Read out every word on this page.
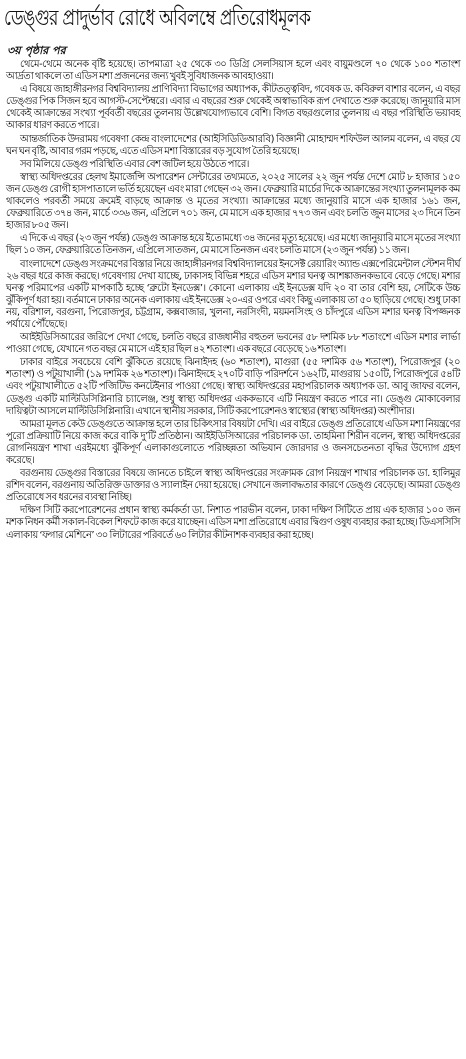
ডেঙ্গুর প্রাদুর্ভাব রোধে অবিলম্বে প্রতিরোধমূলক
৩য় পৃষ্ঠার পর

থেমে-থেমে অনেক বৃষ্টি হয়েছে। তাপমাত্রা ২৫ থেকে ৩০ ডিগ্রি সেলসিয়াস হলে এবং বায়ুমণ্ডলে ৭০ থেকে ১০০ শতাংশ আর্দ্রতা থাকলে তা এডিস মশা প্রজননের জন্য খুবই সুবিধাজনক আবহাওয়া।

এ বিষয়ে জাহাঙ্গীরনগর বিশ্ববিদ্যালয় প্রাণিবিদ্যা বিভাগের অধ্যাপক, কীটতত্ত্ববিদ, গবেষক ড. কবিরুল বাশার বলেন, এ বছর ডেঙ্গুর পিক সিজন হবে আগস্ট-সেপ্টেম্বরে। এবার এ বছরের শুরু থেকেই অস্বাভাবিক রূপ দেখাতে শুরু করেছে। জানুয়ারি মাস থেকেই আক্রান্তের সংখ্যা পূর্ববর্তী বছরের তুলনায় উল্লেখযোগ্যভাবে বেশি। বিগত বছরগুলোর তুলনায় এ বছর পরিস্থিতি ভয়াবহ আকার ধারণ করতে পারে।

আন্তর্জাতিক উদরাময় গবেষণা কেন্দ্র বাংলাদেশের (আইসিডিডিআরবি) বিজ্ঞানী মোহাম্মদ শফিউল আলম বলেন, এ বছর যে ঘন ঘন বৃষ্টি, আবার গরম পড়ছে, এতে এডিস মশা বিস্তারের বড় সুযোগ তৈরি হয়েছে।

সব মিলিয়ে ডেঙ্গু পরিস্থিতি এবার বেশ জটিল হয়ে উঠতে পারে।

স্বাস্থ্য অধিদপ্তরের হেলথ ইমার্জেন্সি অপারেশন সেন্টারের তথ্যমতে, ২০২৫ সালের ২২ জুন পর্যন্ত দেশে মোট ৮ হাজার ১৫০ জন ডেঙ্গু রোগী হাসপাতালে ভর্তি হয়েছেন এবং মারা গেছেন ৩২ জন। ফেব্রুয়ারি মার্চের দিকে আক্রান্তের সংখ্যা তুলনামূলক কম থাকলেও পরবর্তী সময়ে ক্রমেই বাড়ছে আক্রান্ত ও মৃতের সংখ্যা। আক্রান্তের মধ্যে জানুয়ারি মাসে এক হাজার ১৬১ জন, ফেব্রুয়ারিতে ৩৭৪ জন, মার্চে ৩৩৬ জন, এপ্রিলে ৭০১ জন, মে মাসে এক হাজার ৭৭৩ জন এবং চলতি জুন মাসের ২৩ দিনে তিন হাজার ৮০৫ জন।

এ দিকে এ বছর (২৩ জুন পর্যন্ত) ডেঙ্গু আক্রান্ত হয়ে ইতোমধ্যে ৩৪ জনের মৃত্যু হয়েছে। এর মধ্যে জানুয়ারি মাসে মৃতের সংখ্যা ছিল ১০ জন, ফেব্রুয়ারিতে তিনজন, এপ্রিলে সাতজন, মে মাসে তিনজন এবং চলতি মাসে (২৩ জুন পর্যন্ত) ১১ জন।

বাংলাদেশে ডেঙ্গু সংক্রমণের বিস্তার নিয়ে জাহাঙ্গীরনগর বিশ্ববিদ্যালয়ের ইনসেক্ট রেয়ারিং অ্যান্ড এক্সপেরিমেন্টাল স্টেশন দীর্ঘ ২৬ বছর ধরে কাজ করছে। গবেষণায় দেখা যাচ্ছে, ঢাকাসহ বিভিন্ন শহরে এডিস মশার ঘনত্ব আশঙ্কাজনকভাবে বেড়ে গেছে। মশার ঘনত্ব পরিমাপের একটি মাপকাঠি হচ্ছে ‘ব্রুটো ইনডেক্স’। কোনো এলাকায় এই ইনডেক্স যদি ২০ বা তার বেশি হয়, সেটিকে উচ্চ ঝুঁকিপূর্ণ ধরা হয়। বর্তমানে ঢাকার অনেক এলাকায় এই ইনডেক্স ২০-এর ওপরে এবং কিছু এলাকায় তা ৫০ ছাড়িয়ে গেছে। শুধু ঢাকা নয়, বরিশাল, বরগুনা, পিরোজপুর, চট্টগ্রাম, কক্সবাজার, খুলনা, নরসিংদী, ময়মনসিংহ ও চাঁদপুরে এডিস মশার ঘনত্ব বিপজ্জনক পর্যায়ে পৌঁছেছে।

আইইডিসিআরের জরিপে দেখা গেছে, চলতি বছরে রাজধানীর বহুতল ভবনের ৫৮ দশমিক ৮৮ শতাংশে এডিস মশার লার্ভা পাওয়া গেছে, যেখানে গত বছর মে মাসে এই হার ছিল ৪২ শতাংশ। এক বছরে বেড়েছে ১৬ শতাংশ।

ঢাকার বাইরে সবচেয়ে বেশি ঝুঁকিতে রয়েছে ঝিনাইদহ (৬০ শতাংশ), মাগুরা (৫৫ দশমিক ৫৬ শতাংশ), পিরোজপুর (২০ শতাংশ) ও পটুয়াখালী (১৯ দশমিক ২৬ শতাংশ)। ঝিনাইদহে ২৭০টি বাড়ি পরিদর্শনে ১৬২টি, মাগুরায় ১৫০টি, পিরোজপুরে ৫৪টি এবং পটুয়াখালীতে ৫২টি পজিটিভ কনটেইনার পাওয়া গেছে। স্বাস্থ্য অধিদপ্তরের মহাপরিচালক অধ্যাপক ডা. আবু জাফর বলেন, ডেঙ্গু একটি মাল্টিডিসিপ্লিনারি চ্যালেঞ্জ, শুধু স্বাস্থ্য অধিদপ্তর এককভাবে এটি নিয়ন্ত্রণ করতে পারে না। ডেঙ্গু মোকাবেলার দায়িত্বটা আসলে মাল্টিডিসিপ্লিনারি। এখানে স্থানীয় সরকার, সিটি করপোরেশনও স্বাস্থ্যের (স্বাস্থ্য অধিদপ্তর) অংশীদার।

আমরা মূলত কেউ ডেঙ্গুতে আক্রান্ত হলে তার চিকিৎসার বিষয়টা দেখি। এর বাইরে ডেঙ্গু প্রতিরোধে এডিস মশা নিয়ন্ত্রণের পুরো প্রক্রিয়াটি নিয়ে কাজ করে বাকি দু’টি প্রতিষ্ঠান। আইইডিসিআরের পরিচালক ডা. তাহমিনা শিরীন বলেন, স্বাস্থ্য অধিদপ্তরের রোগনিয়ন্ত্রণ শাখা এরইমধ্যে ঝুঁকিপূর্ণ এলাকাগুলোতে পরিচ্ছন্নতা অভিযান জোরদার ও জনসচেতনতা বৃদ্ধির উদ্যোগ গ্রহণ করেছে।

বরগুনায় ডেঙ্গুর বিস্তারের বিষয়ে জানতে চাইলে স্বাস্থ্য অধিদপ্তরের সংক্রামক রোগ নিয়ন্ত্রণ শাখার পরিচালক ডা. হালিমুর রশিদ বলেন, বরগুনায় অতিরিক্ত ডাক্তার ও স্যালাইন দেয়া হয়েছে। সেখানে জলাবদ্ধতার কারণে ডেঙ্গু বেড়েছে। আমরা ডেঙ্গু প্রতিরোধে সব ধরনের ব্যবস্থা নিচ্ছি।

দক্ষিণ সিটি করপোরেশনের প্রধান স্বাস্থ্য কর্মকর্তা ডা. নিশাত পারভীন বলেন, ঢাকা দক্ষিণ সিটিতে প্রায় এক হাজার ১০০ জন মশক নিধন কর্মী সকাল-বিকেল শিফটে কাজ করে যাচ্ছেন। এডিস মশা প্রতিরোধে এবার দ্বিগুণ ওষুধ ব্যবহার করা হচ্ছে। ডিএসসিসি এলাকায় ‘ফগার মেশিনে’ ৩০ লিটারের পরিবর্তে ৬০ লিটার কীটনাশক ব্যবহার করা হচ্ছে।
